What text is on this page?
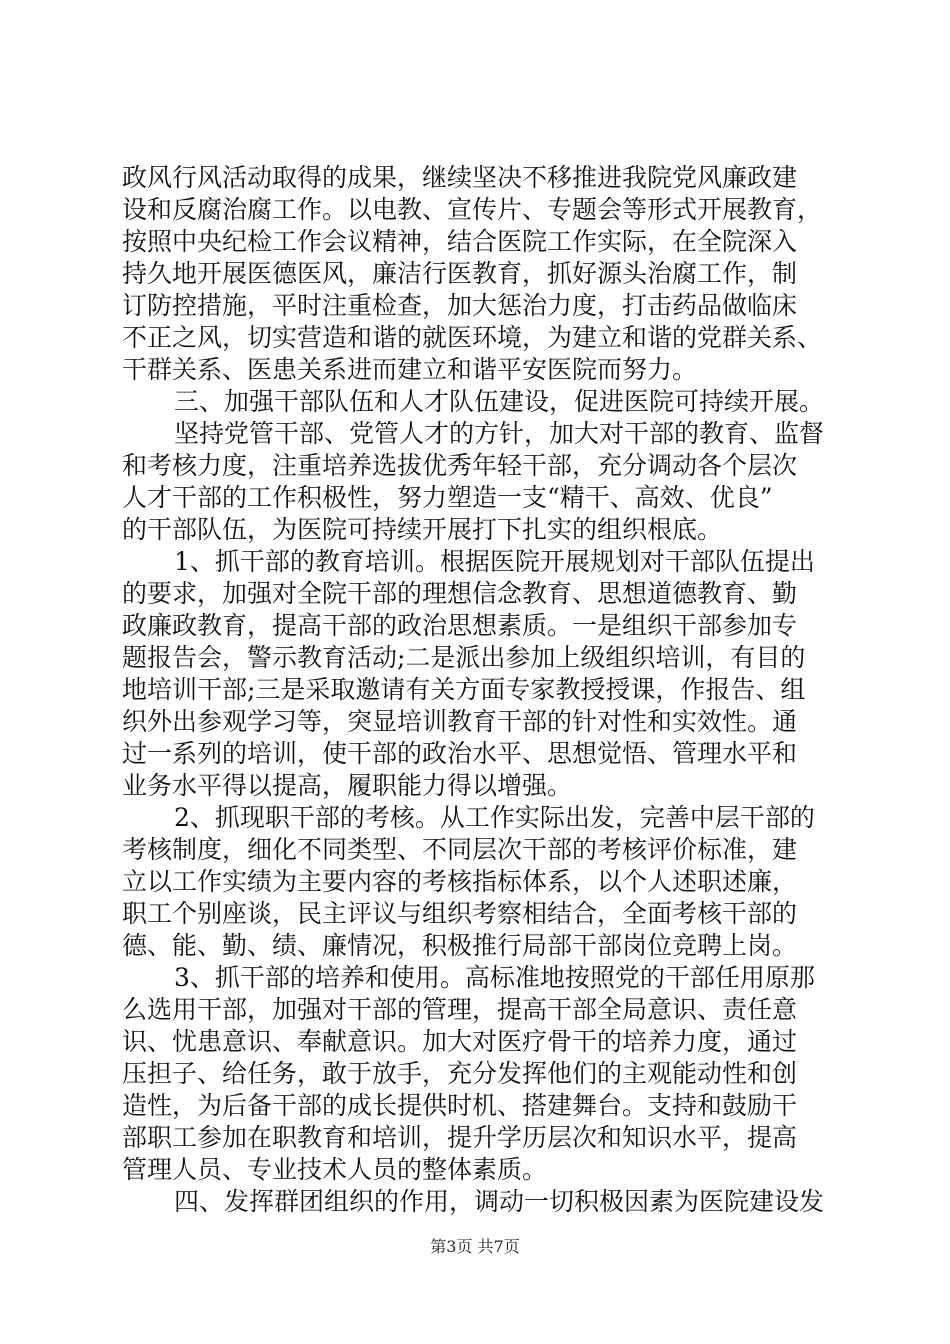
政风行风活动取得的成果，继续坚决不移推进我院党风廉政建
设和反腐治腐工作。以电教、宣传片、专题会等形式开展教育，
按照中央纪检工作会议精神，结合医院工作实际，在全院深入
持久地开展医德医风，廉洁行医教育，抓好源头治腐工作，制
订防控措施，平时注重检查，加大惩治力度，打击药品做临床
不正之风，切实营造和谐的就医环境，为建立和谐的党群关系、
干群关系、医患关系进而建立和谐平安医院而努力。
三、加强干部队伍和人才队伍建设，促进医院可持续开展。
坚持党管干部、党管人才的方针，加大对干部的教育、监督
和考核力度，注重培养选拔优秀年轻干部，充分调动各个层次
人才干部的工作积极性，努力塑造一支“精干、高效、优良”
的干部队伍，为医院可持续开展打下扎实的组织根底。
1、抓干部的教育培训。根据医院开展规划对干部队伍提出
的要求，加强对全院干部的理想信念教育、思想道德教育、勤
政廉政教育，提高干部的政治思想素质。一是组织干部参加专
题报告会，警示教育活动;二是派出参加上级组织培训，有目的
地培训干部;三是采取邀请有关方面专家教授授课，作报告、组
织外出参观学习等，突显培训教育干部的针对性和实效性。通
过一系列的培训，使干部的政治水平、思想觉悟、管理水平和
业务水平得以提高，履职能力得以增强。
2、抓现职干部的考核。从工作实际出发，完善中层干部的
考核制度，细化不同类型、不同层次干部的考核评价标准，建
立以工作实绩为主要内容的考核指标体系，以个人述职述廉，
职工个别座谈，民主评议与组织考察相结合，全面考核干部的
德、能、勤、绩、廉情况，积极推行局部干部岗位竞聘上岗。
3、抓干部的培养和使用。高标准地按照党的干部任用原那
么选用干部，加强对干部的管理，提高干部全局意识、责任意
识、忧患意识、奉献意识。加大对医疗骨干的培养力度，通过
压担子、给任务，敢于放手，充分发挥他们的主观能动性和创
造性，为后备干部的成长提供时机、搭建舞台。支持和鼓励干
部职工参加在职教育和培训，提升学历层次和知识水平，提高
管理人员、专业技术人员的整体素质。
四、发挥群团组织的作用，调动一切积极因素为医院建设发
第3页 共7页
